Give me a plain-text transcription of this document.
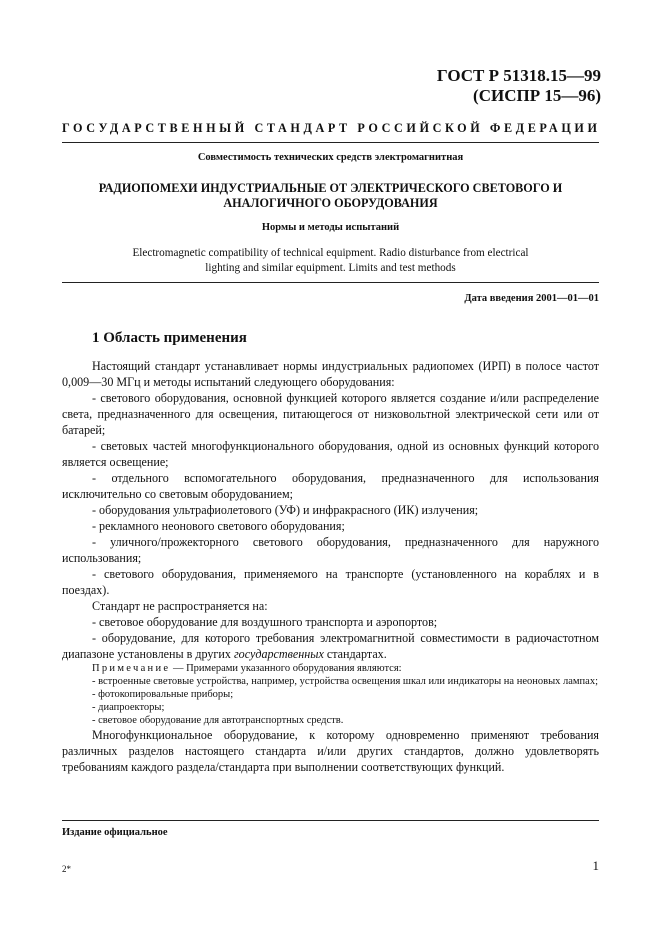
ГОСТ Р 51318.15—99
(СИСПР 15—96)
ГОСУДАРСТВЕННЫЙ СТАНДАРТ РОССИЙСКОЙ ФЕДЕРАЦИИ
Совместимость технических средств электромагнитная
РАДИОПОМЕХИ ИНДУСТРИАЛЬНЫЕ ОТ ЭЛЕКТРИЧЕСКОГО СВЕТОВОГО И
АНАЛОГИЧНОГО ОБОРУДОВАНИЯ
Нормы и методы испытаний
Electromagnetic compatibility of technical equipment. Radio disturbance from electrical
lighting and similar equipment. Limits and test methods
Дата введения 2001—01—01
1 Область применения

Настоящий стандарт устанавливает нормы индустриальных радиопомех (ИРП) в полосе частот 0,009—30 МГц и методы испытаний следующего оборудования:

- светового оборудования, основной функцией которого является создание и/или распределение света, предназначенного для освещения, питающегося от низковольтной электрической сети или от батарей;

- световых частей многофункционального оборудования, одной из основных функций которого является освещение;

- отдельного вспомогательного оборудования, предназначенного для использования исключительно со световым оборудованием;

- оборудования ультрафиолетового (УФ) и инфракрасного (ИК) излучения;

- рекламного неонового светового оборудования;

- уличного/прожекторного светового оборудования, предназначенного для наружного использования;

- светового оборудования, применяемого на транспорте (установленного на кораблях и в поездах).

Стандарт не распространяется на:

- световое оборудование для воздушного транспорта и аэропортов;

- оборудование, для которого требования электромагнитной совместимости в радиочастотном диапазоне установлены в других государственных стандартах.

Примечание — Примерами указанного оборудования являются:

- встроенные световые устройства, например, устройства освещения шкал или индикаторы на неоновых лампах;

- фотокопировальные приборы;

- диапроекторы;

- световое оборудование для автотранспортных средств.

Многофункциональное оборудование, к которому одновременно применяют требования различных разделов настоящего стандарта и/или других стандартов, должно удовлетворять требованиям каждого раздела/стандарта при выполнении соответствующих функций.

Издание официальное
2*	1
